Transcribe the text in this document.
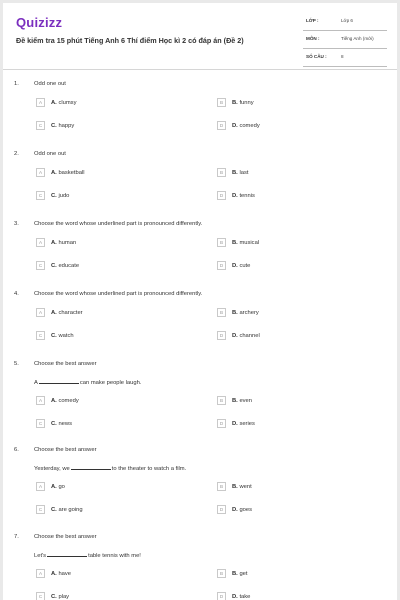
Quizizz
Đề kiểm tra 15 phút Tiếng Anh 6 Thí điểm Học kì 2 có đáp án (Đề 2)
LỚP :	Lớp 6
MÔN :	Tiếng Anh (mới)
SỐ CÂU :	8
1.	Odd one out
A	A. clumsy	B	B. funny
C	C. happy	D	D. comedy
2.	Odd one out
A	A. basketball	B	B. last
C	C. judo	D	D. tennis
3.	Choose the word whose underlined part is pronounced differently.
A	A. human	B	B. musical
C	C. educate	D	D. cute
4.	Choose the word whose underlined part is pronounced differently.
A	A. character	B	B. archery
C	C. watch	D	D. channel
5.	Choose the best answer
A	can make people laugh.
A	A. comedy	B	B. even
C	C. news	D	D. series
6.	Choose the best answer
Yesterday, we	to the theater to watch a film.
A	A. go	B	B. went
C	C. are going	D	D. goes
7.	Choose the best answer
Let's	table tennis with me!
A	A. have	B	B. get
C	C. play	D	D. take
